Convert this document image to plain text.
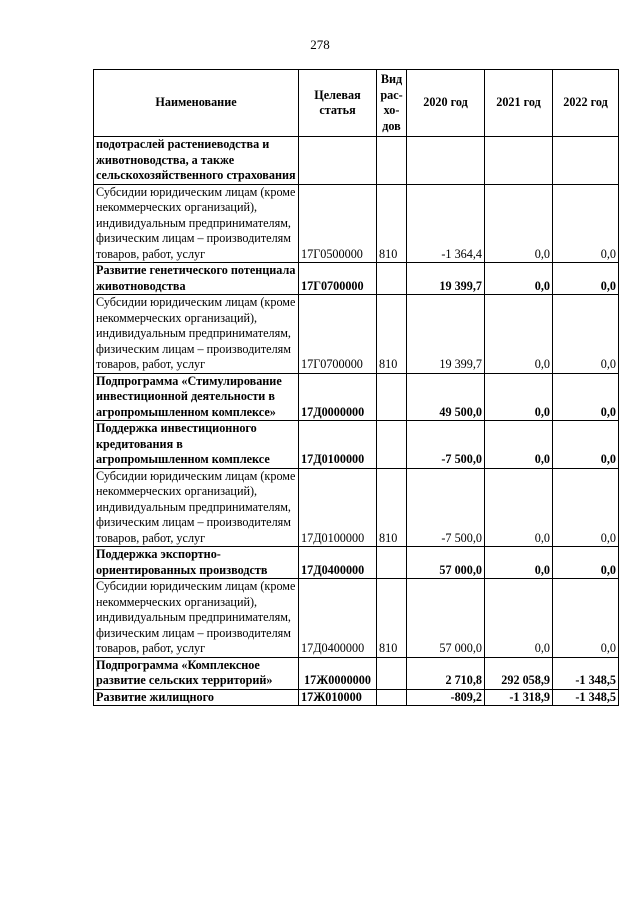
278
Наименование	Целевая статья	Вид рас- хо- дов	2020 год	2021 год	2022 год
подотраслей растениеводства и животноводства, а также сельскохозяйственного страхования					
Субсидии юридическим лицам (кроме некоммерческих организаций), индивидуальным предпринимателям, физическим лицам – производителям товаров, работ, услуг	17Г0500000	810	-1 364,4	0,0	0,0
Развитие генетического потенциала животноводства	17Г0700000		19 399,7	0,0	0,0
Субсидии юридическим лицам (кроме некоммерческих организаций), индивидуальным предпринимателям, физическим лицам – производителям товаров, работ, услуг	17Г0700000	810	19 399,7	0,0	0,0
Подпрограмма «Стимулирование инвестиционной деятельности в агропромышленном комплексе»	17Д0000000		49 500,0	0,0	0,0
Поддержка инвестиционного кредитования в агропромышленном комплексе	17Д0100000		-7 500,0	0,0	0,0
Субсидии юридическим лицам (кроме некоммерческих организаций), индивидуальным предпринимателям, физическим лицам – производителям товаров, работ, услуг	17Д0100000	810	-7 500,0	0,0	0,0
Поддержка экспортно-ориентированных производств	17Д0400000		57 000,0	0,0	0,0
Субсидии юридическим лицам (кроме некоммерческих организаций), индивидуальным предпринимателям, физическим лицам – производителям товаров, работ, услуг	17Д0400000	810	57 000,0	0,0	0,0
Подпрограмма «Комплексное развитие сельских территорий»	17Ж0000000		2 710,8	292 058,9	-1 348,5
Развитие жилищного	17Ж010000		-809,2	-1 318,9	-1 348,5
